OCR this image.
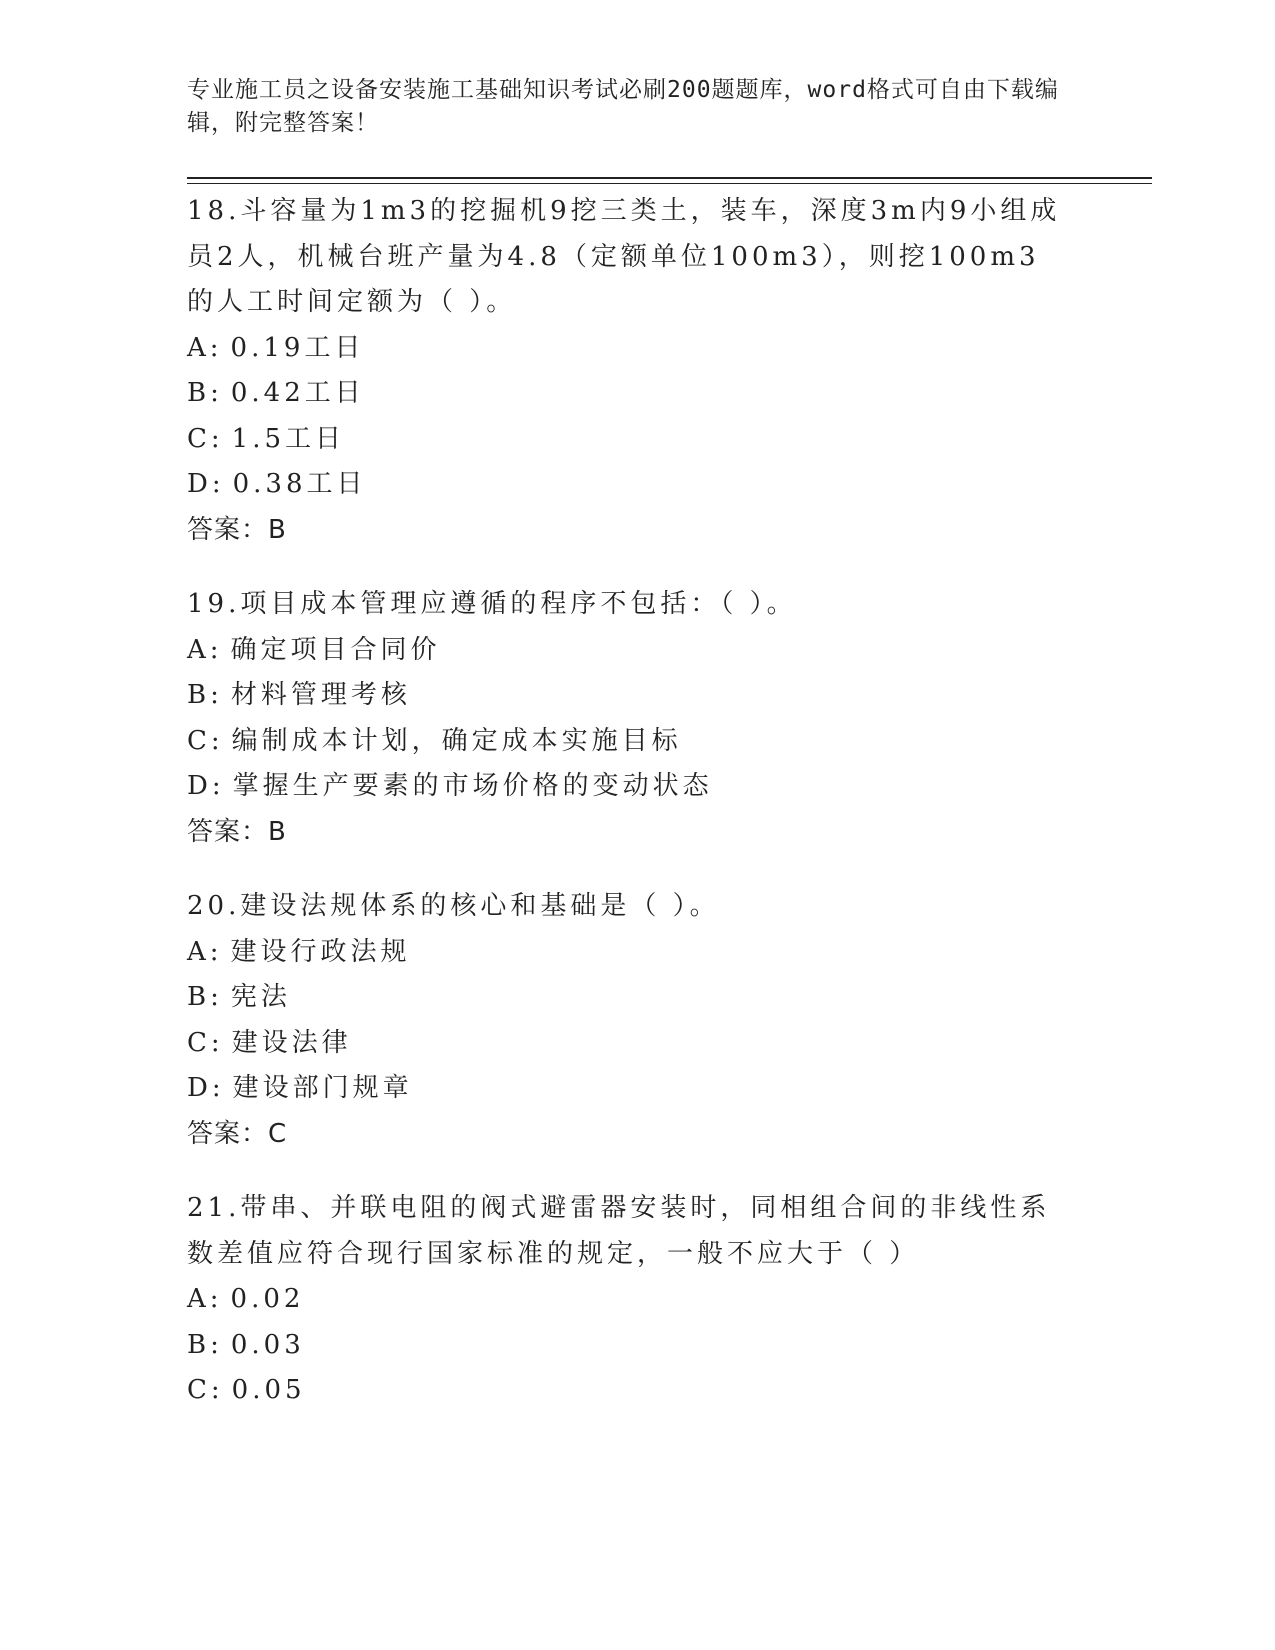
专业施工员之设备安装施工基础知识考试必刷200题题库，word格式可自由下载编辑，附完整答案！
18.斗容量为1m3的挖掘机9挖三类土，装车，深度3m内9小组成员2人，机械台班产量为4.8（定额单位100m3），则挖100m3的人工时间定额为（ ）。
A: 0.19工日
B: 0.42工日
C: 1.5工日
D: 0.38工日
答案：B
19.项目成本管理应遵循的程序不包括：（ ）。
A: 确定项目合同价
B: 材料管理考核
C: 编制成本计划，确定成本实施目标
D: 掌握生产要素的市场价格的变动状态
答案：B
20.建设法规体系的核心和基础是（ ）。
A: 建设行政法规
B: 宪法
C: 建设法律
D: 建设部门规章
答案：C
21.带串、并联电阻的阀式避雷器安装时，同相组合间的非线性系数差值应符合现行国家标准的规定，一般不应大于（ ）
A: 0.02
B: 0.03
C: 0.05
